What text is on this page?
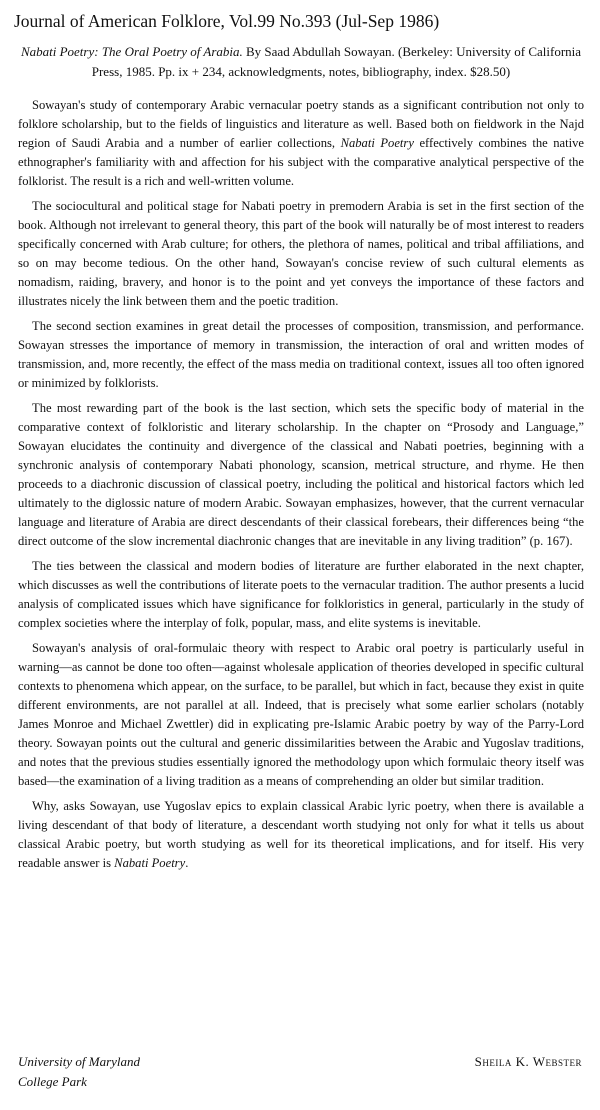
Journal of American Folklore, Vol.99 No.393 (Jul-Sep 1986)
Nabati Poetry: The Oral Poetry of Arabia. By Saad Abdullah Sowayan. (Berkeley: University of California Press, 1985. Pp. ix + 234, acknowledgments, notes, bibliography, index. $28.50)

Sowayan's study of contemporary Arabic vernacular poetry stands as a significant contribution not only to folklore scholarship, but to the fields of linguistics and literature as well. Based both on fieldwork in the Najd region of Saudi Arabia and a number of earlier collections, Nabati Poetry effectively combines the native ethnographer's familiarity with and affection for his subject with the comparative analytical perspective of the folklorist. The result is a rich and well-written volume.

The sociocultural and political stage for Nabati poetry in premodern Arabia is set in the first section of the book. Although not irrelevant to general theory, this part of the book will naturally be of most interest to readers specifically concerned with Arab culture; for others, the plethora of names, political and tribal affiliations, and so on may become tedious. On the other hand, Sowayan's concise review of such cultural elements as nomadism, raiding, bravery, and honor is to the point and yet conveys the importance of these factors and illustrates nicely the link between them and the poetic tradition.

The second section examines in great detail the processes of composition, transmission, and performance. Sowayan stresses the importance of memory in transmission, the interaction of oral and written modes of transmission, and, more recently, the effect of the mass media on traditional context, issues all too often ignored or minimized by folklorists.

The most rewarding part of the book is the last section, which sets the specific body of material in the comparative context of folkloristic and literary scholarship. In the chapter on “Prosody and Language,” Sowayan elucidates the continuity and divergence of the classical and Nabati poetries, beginning with a synchronic analysis of contemporary Nabati phonology, scansion, metrical structure, and rhyme. He then proceeds to a diachronic discussion of classical poetry, including the political and historical factors which led ultimately to the diglossic nature of modern Arabic. Sowayan emphasizes, however, that the current vernacular language and literature of Arabia are direct descendants of their classical forebears, their differences being “the direct outcome of the slow incremental diachronic changes that are inevitable in any living tradition” (p. 167).

The ties between the classical and modern bodies of literature are further elaborated in the next chapter, which discusses as well the contributions of literate poets to the vernacular tradition. The author presents a lucid analysis of complicated issues which have significance for folkloristics in general, particularly in the study of complex societies where the interplay of folk, popular, mass, and elite systems is inevitable.

Sowayan's analysis of oral-formulaic theory with respect to Arabic oral poetry is particularly useful in warning—as cannot be done too often—against wholesale application of theories developed in specific cultural contexts to phenomena which appear, on the surface, to be parallel, but which in fact, because they exist in quite different environments, are not parallel at all. Indeed, that is precisely what some earlier scholars (notably James Monroe and Michael Zwettler) did in explicating pre-Islamic Arabic poetry by way of the Parry-Lord theory. Sowayan points out the cultural and generic dissimilarities between the Arabic and Yugoslav traditions, and notes that the previous studies essentially ignored the methodology upon which formulaic theory itself was based—the examination of a living tradition as a means of comprehending an older but similar tradition.

Why, asks Sowayan, use Yugoslav epics to explain classical Arabic lyric poetry, when there is available a living descendant of that body of literature, a descendant worth studying not only for what it tells us about classical Arabic poetry, but worth studying as well for its theoretical implications, and for itself. His very readable answer is Nabati Poetry.

University of Maryland
College Park
Sheila K. Webster
